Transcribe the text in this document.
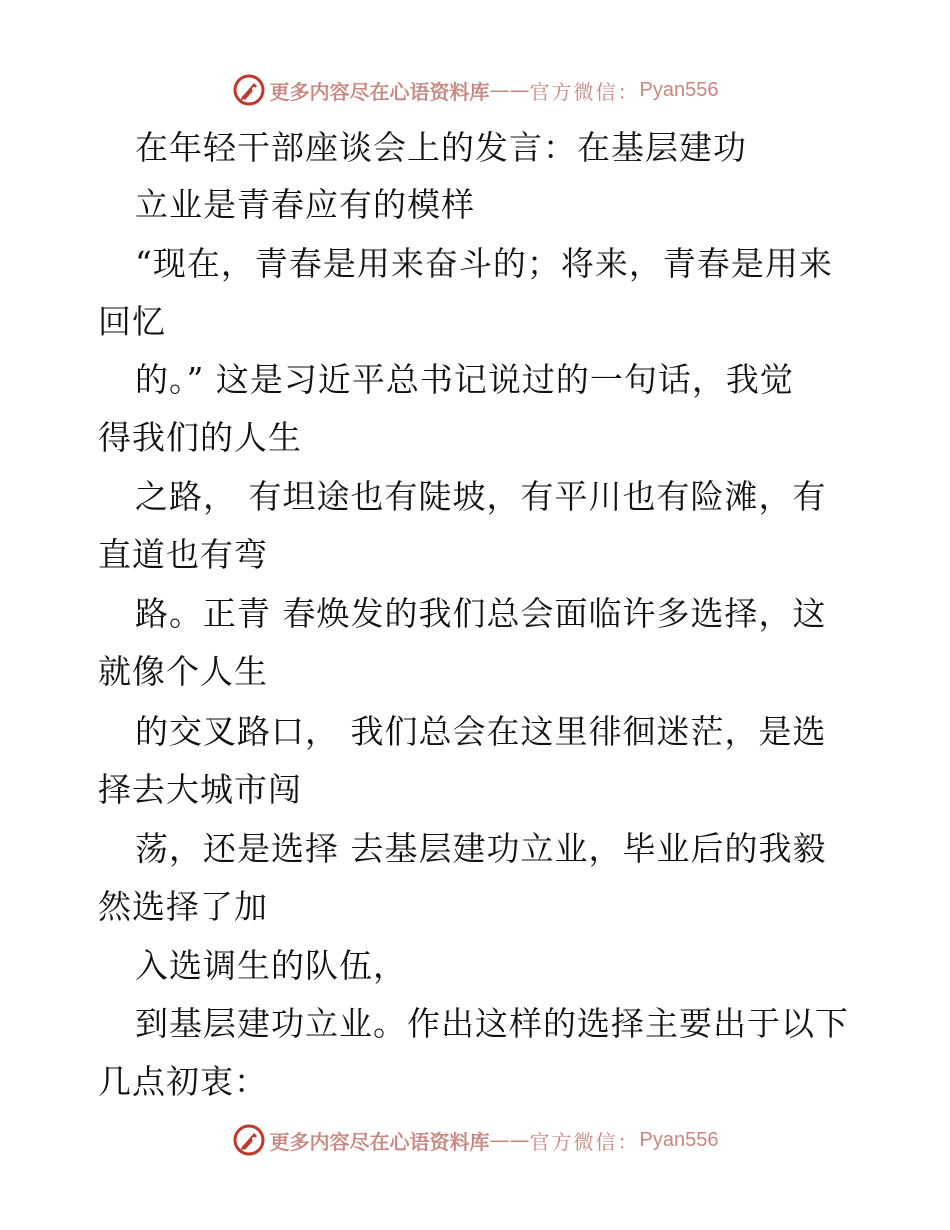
更多内容尽在心语资料库 —— 官方微信： Pyan556
在年轻干部座谈会上的发言：在基层建功
立业是青春应有的模样
“现在，青春是用来奋斗的；将来，青春是用来
回忆
的。” 这是习近平总书记说过的一句话，我觉
得我们的人生
之路， 有坦途也有陡坡，有平川也有险滩，有
直道也有弯
路。正青 春焕发的我们总会面临许多选择，这
就像个人生
的交叉路口， 我们总会在这里徘徊迷茫，是选
择去大城市闯
荡，还是选择 去基层建功立业，毕业后的我毅
然选择了加
入选调生的队伍，
到基层建功立业。作出这样的选择主要出于以下
几点初衷：
更多内容尽在心语资料库 —— 官方微信： Pyan556
